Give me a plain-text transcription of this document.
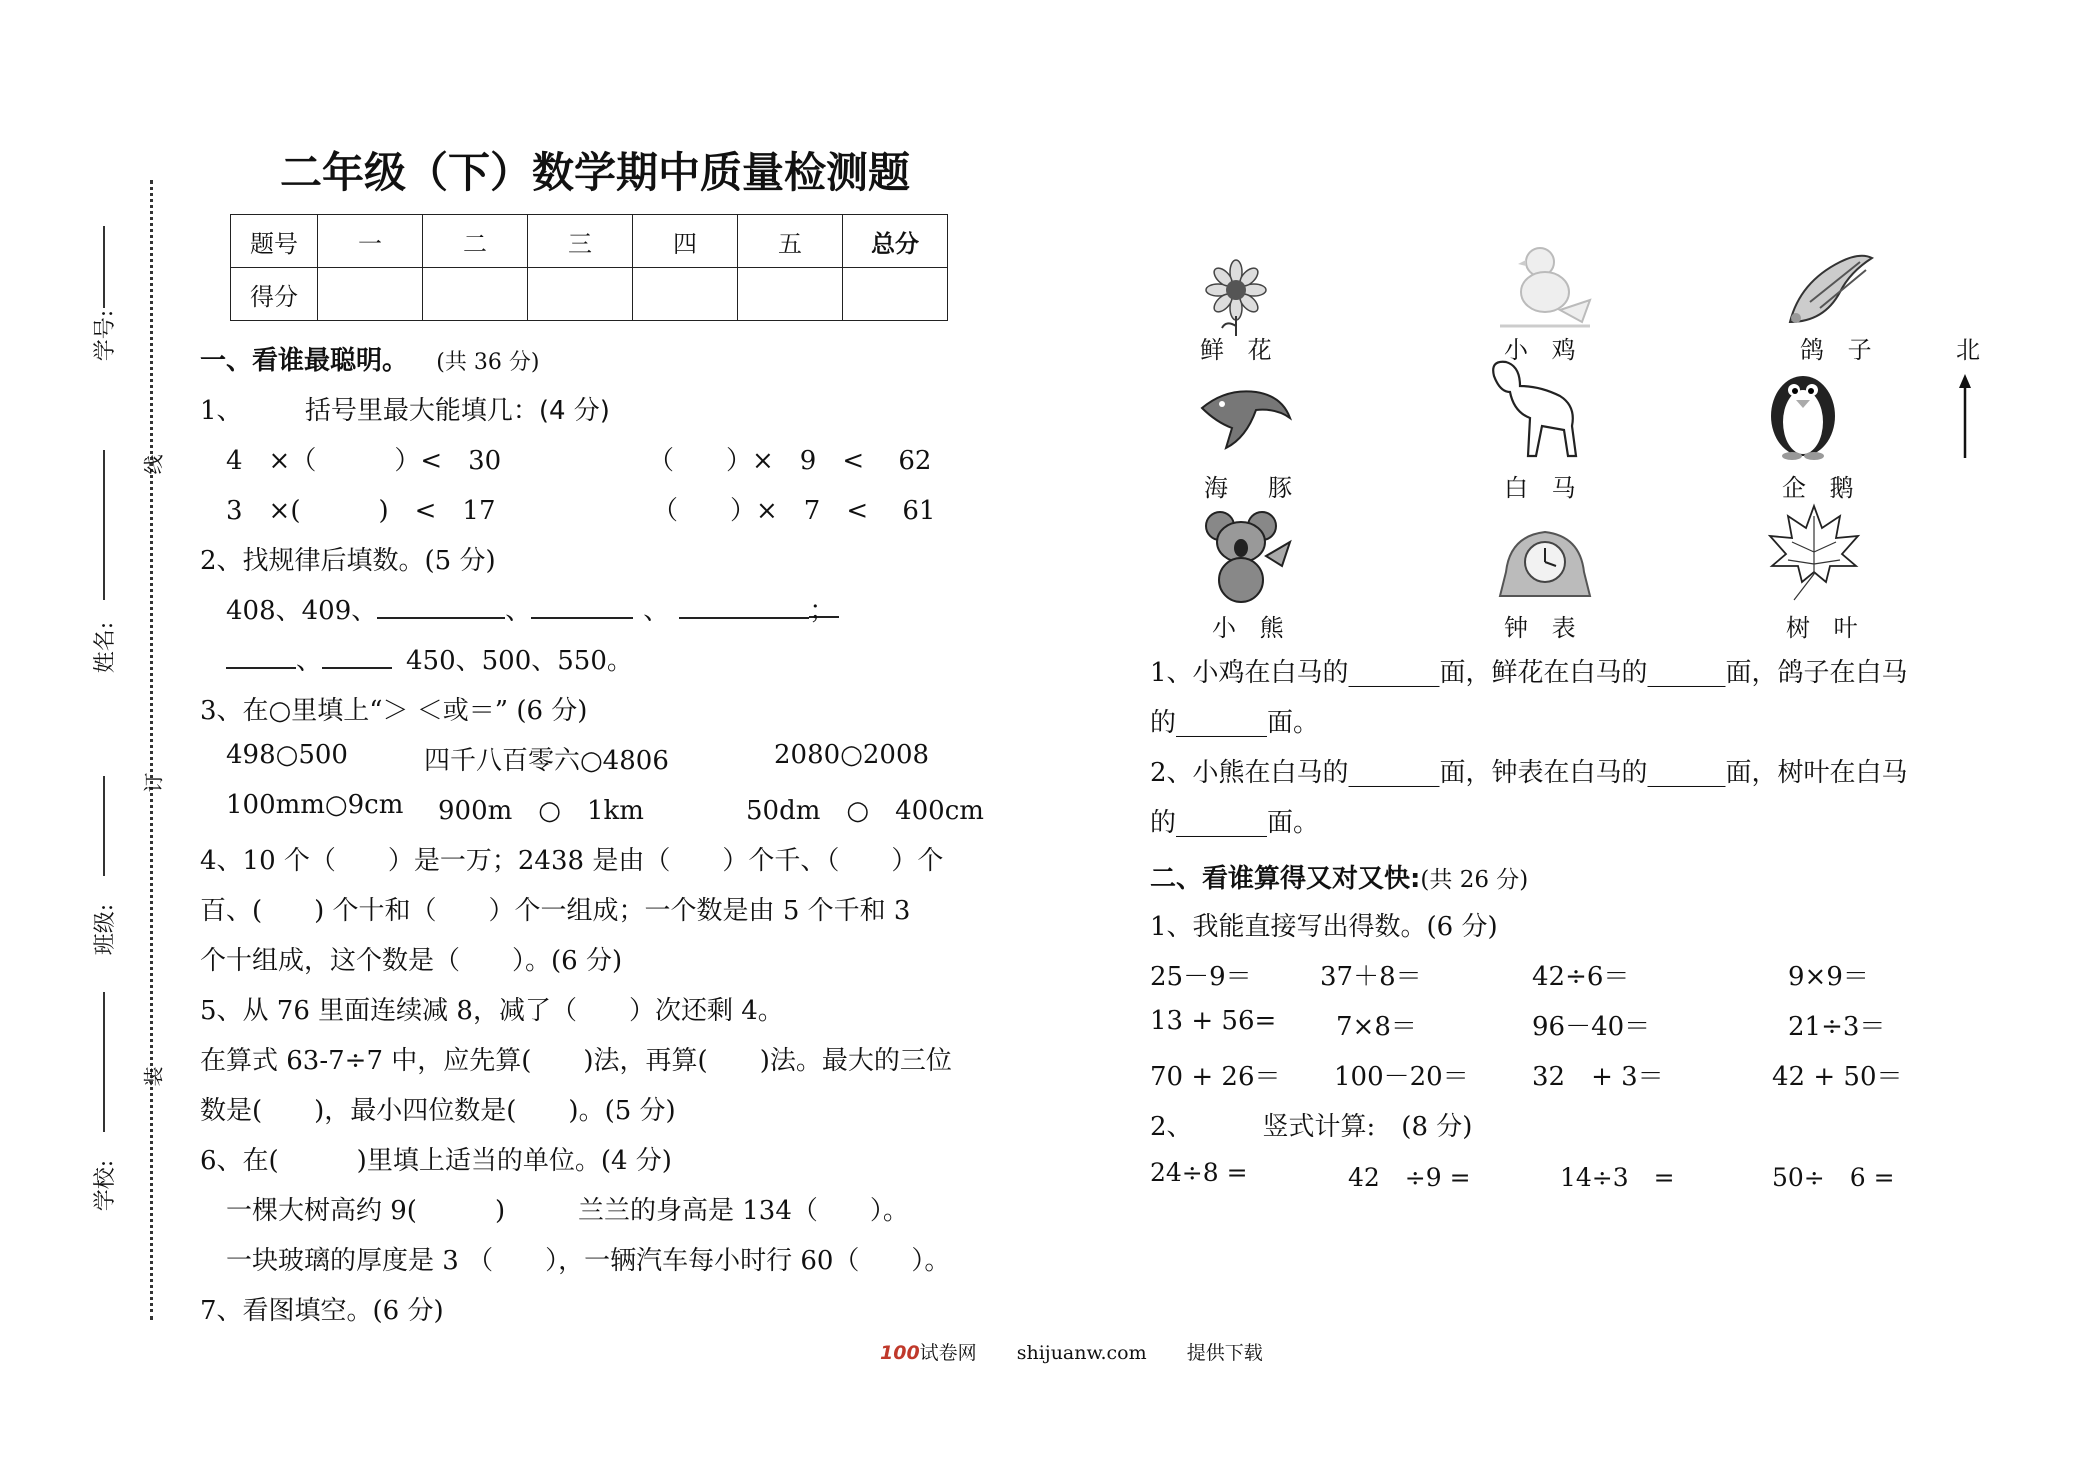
学号:
姓名:
班级:
学校:
线
订
装
二年级（下）数学期中质量检测题
题号	一	二	三	四	五	总分
得分						
一、看谁最聪明。 (共 36 分)
1、 括号里最大能填几：(4 分)
4　×（　　　）<　30	（　　）×　9　<　 62
3　×(　　　)　<　17	（　　）×　7　<　 61
2、找规律后填数。(5 分)
408、409、	、	、	；
、	450、500、550。
3、在○里填上“＞ ＜或＝” (6 分)
498○500	四千八百零六○4806	2080○2008
100mm○9cm 900m　○　1km	50dm　○　400cm
4、10 个（　　）是一万；2438 是由（　　）个千、（　　）个
百、(　　) 个十和（　　）个一组成；一个数是由 5 个千和 3
个十组成，这个数是（　　）。(6 分)
5、从 76 里面连续减 8，减了（　　）次还剩 4。
在算式 63-7÷7 中，应先算(　　)法，再算(　　)法。最大的三位
数是(　　)，最小四位数是(　　)。(5 分)
6、在(　　　)里填上适当的单位。(4 分)
一棵大树高约 9(　　　)	兰兰的身高是 134（　　）。
一块玻璃的厚度是 3 （　　），一辆汽车每小时行 60（　　）。
7、看图填空。(6 分)
鲜 花	小 鸡	鸽 子	北
海　豚	白 马	企 鹅
小 熊	钟 表	树 叶
1、小鸡在白马的_______面，鲜花在白马的______面，鸽子在白马
的_______面。
2、小熊在白马的_______面，钟表在白马的______面，树叶在白马
的_______面。
二、看谁算得又对又快:(共 26 分)
1、我能直接写出得数。(6 分)
25－9＝	37＋8＝	42÷6＝	9×9＝
13 + 56= 7×8＝	96－40＝	21÷3＝
70 + 26＝ 100－20＝ 32　+ 3＝	42 + 50＝
2、	竖式计算:　(8 分)
24÷8 =	42　÷9 =	14÷3　=	50÷　6 =
100试卷网 shijuanw.com 提供下载
